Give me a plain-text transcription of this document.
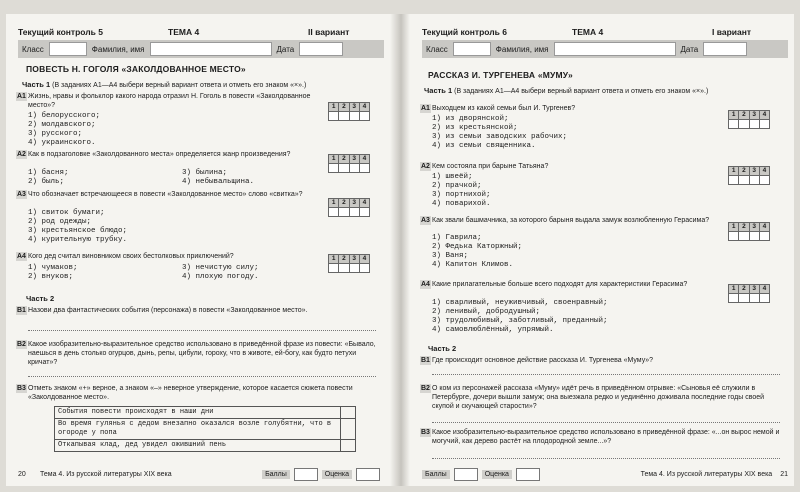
Текущий контроль 5	ТЕМА 4	II вариант
Класс	Фамилия, имя	Дата
ПОВЕСТЬ Н. ГОГОЛЯ «ЗАКОЛДОВАННОЕ МЕСТО»
Часть 1 (В заданиях А1—А4 выбери верный вариант ответа и отметь его знаком «×».)
А1 Жизнь, нравы и фольклор какого народа отразил Н. Гоголь в повести «Заколдованное место»?
1) белорусского;
2) молдавского;
3) русского;
4) украинского.
1	2	3	4
А2 Как в подзаголовке «Заколдованного места» определяется жанр произведения?
1) басня;
2) быль;
3) былина;
4) небывальщина.
1	2	3	4
А3 Что обозначает встречающееся в повести «Заколдованное место» слово «свитка»?
1) свиток бумаги;
2) род одежды;
3) крестьянское блюдо;
4) курительную трубку.
1	2	3	4
А4 Кого дед считал виновником своих бестолковых приключений?
1) чумаков;
2) внуков;
3) нечистую силу;
4) плохую погоду.
1	2	3	4
Часть 2
В1 Назови два фантастических события (персонажа) в повести «Заколдованное место».
В2 Какое изобразительно-выразительное средство использовано в приведённой фразе из повести: «Бывало, наешься в день столько огурцов, дынь, репы, цибули, гороху, что в животе, ей-богу, как будто петухи кричат»?
В3 Отметь знаком «+» верное, а знаком «–» неверное утверждение, которое касается сюжета повести «Заколдованное место».
События повести происходят в наши дни
Во время гулянья с дедом внезапно оказался возле голубятни, что в огороде у попа
Откапывая клад, дед увидел ожившний пень
20	Тема 4. Из русской литературы XIX века	Баллы	Оценка
Текущий контроль 6	ТЕМА 4	I вариант
Класс	Фамилия, имя	Дата
РАССКАЗ И. ТУРГЕНЕВА «МУМУ»
Часть 1 (В заданиях А1—А4 выбери верный вариант ответа и отметь его знаком «×».)
А1 Выходцем из какой семьи был И. Тургенев?
1) из дворянской;
2) из крестьянской;
3) из семьи заводских рабочих;
4) из семьи священника.
1	2	3	4
А2 Кем состояла при барыне Татьяна?
1) швеёй;
2) прачкой;
3) портнихой;
4) поварихой.
1	2	3	4
А3 Как звали башмачника, за которого барыня выдала замуж возлюбленную Герасима?
1) Гаврила;
2) Федька Каторжный;
3) Ваня;
4) Капитон Климов.
1	2	3	4
А4 Какие прилагательные больше всего подходят для характеристики Герасима?
1) сварливый, неуживчивый, своенравный;
2) ленивый, добродушный;
3) трудолюбивый, заботливый, преданный;
4) самовлюблённый, упрямый.
1	2	3	4
Часть 2
В1 Где происходит основное действие рассказа И. Тургенева «Муму»?
В2 О ком из персонажей рассказа «Муму» идёт речь в приведённом отрывке: «Сыновья её служили в Петербурге, дочери вышли замуж; она выезжала редко и уединённо доживала последние годы своей скупой и скучающей старости»?
В3 Какое изобразительно-выразительное средство использовано в приведённой фразе: «...он вырос немой и могучий, как дерево растёт на плодородной земле...»?
Баллы	Оценка	Тема 4. Из русской литературы XIX века	21
